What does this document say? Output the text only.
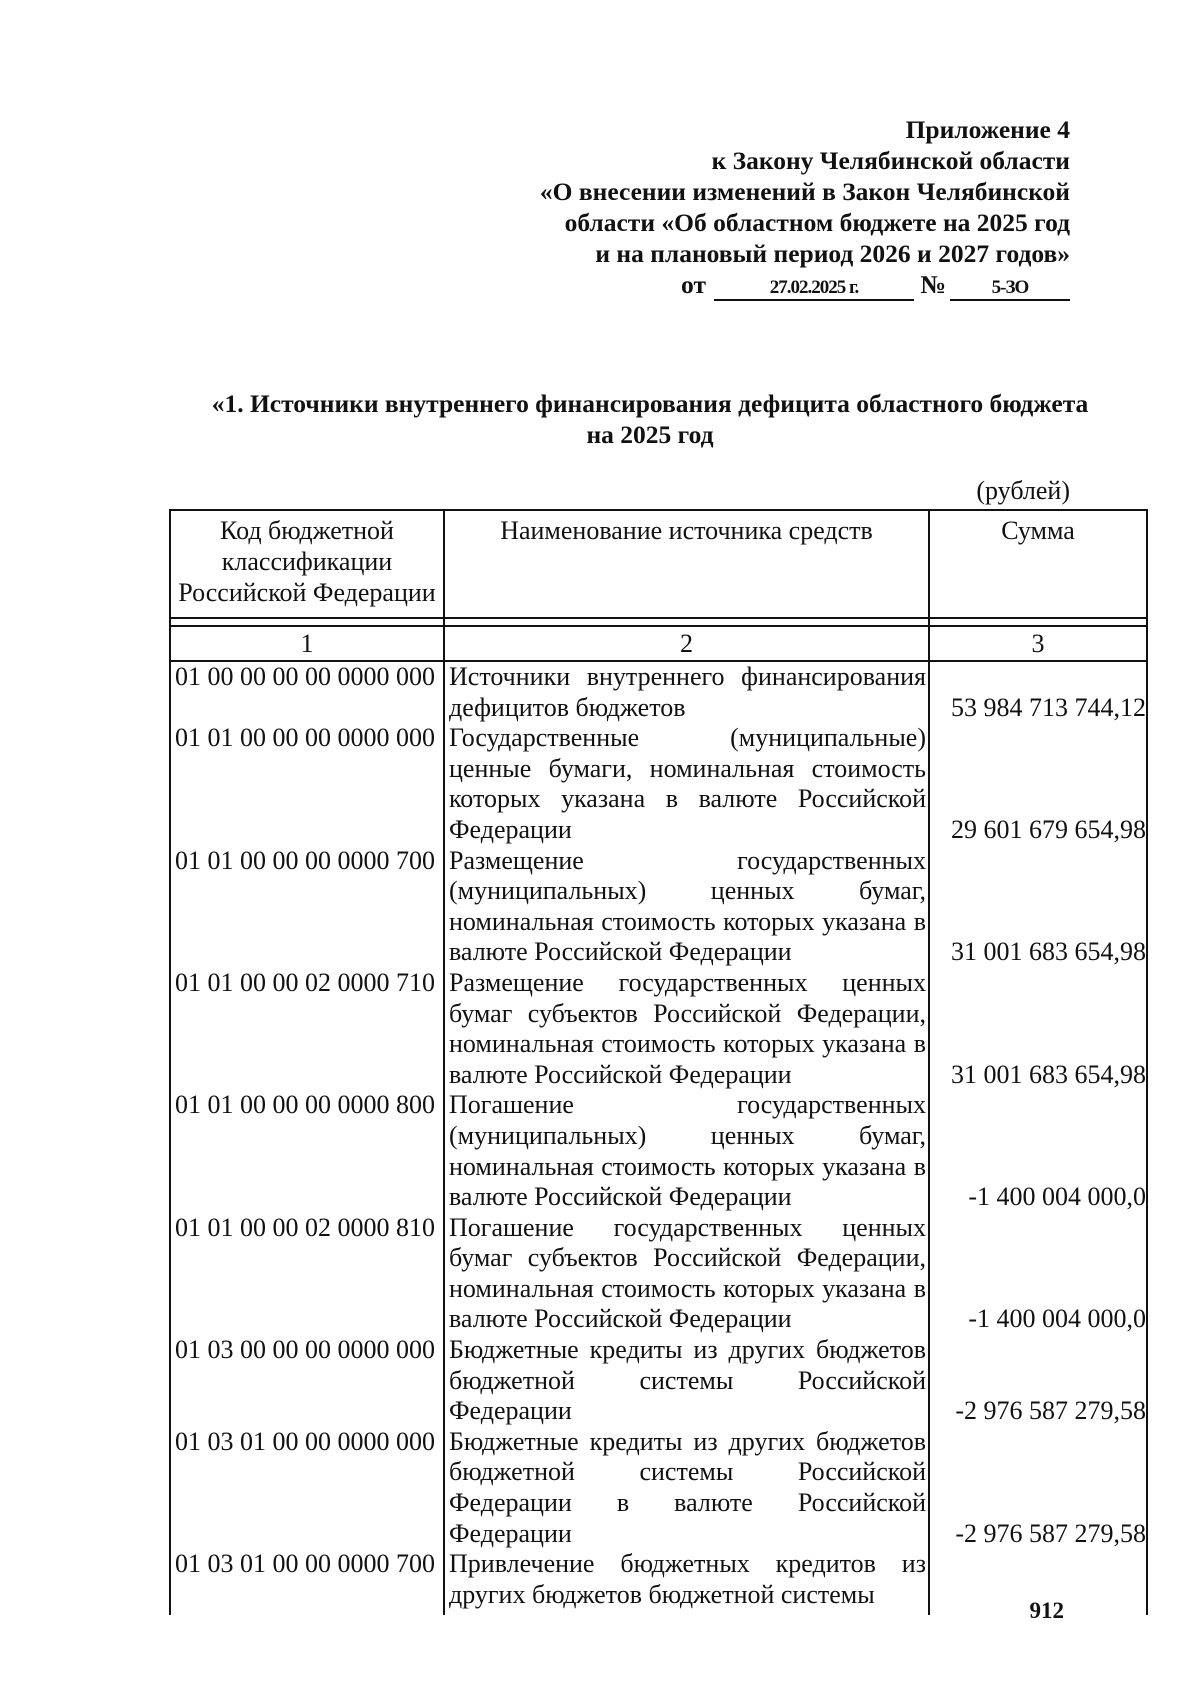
Приложение 4
к Закону Челябинской области
«О внесении изменений в Закон Челябинской
области «Об областном бюджете на 2025 год
и на плановый период 2026 и 2027 годов»
от	27.02.2025 г. № 5-ЗО
«1. Источники внутреннего финансирования дефицита областного бюджета
на 2025 год
(рублей)
Код бюджетной классификации Российской Федерации	Наименование источника средств	Сумма

1	2	3
01 00 00 00 00 0000 000	Источники внутреннего финансирования дефицитов бюджетов	53 984 713 744,12
01 01 00 00 00 0000 000	Государственные (муниципальные) ценные бумаги, номинальная стоимость которых указана в валюте Российской Федерации	29 601 679 654,98
01 01 00 00 00 0000 700	Размещение государственных (муниципальных) ценных бумаг, номинальная стоимость которых указана в валюте Российской Федерации	31 001 683 654,98
01 01 00 00 02 0000 710	Размещение государственных ценных бумаг субъектов Российской Федерации, номинальная стоимость которых указана в валюте Российской Федерации	31 001 683 654,98
01 01 00 00 00 0000 800	Погашение государственных (муниципальных) ценных бумаг, номинальная стоимость которых указана в валюте Российской Федерации	-1 400 004 000,0
01 01 00 00 02 0000 810	Погашение государственных ценных бумаг субъектов Российской Федерации, номинальная стоимость которых указана в валюте Российской Федерации	-1 400 004 000,0
01 03 00 00 00 0000 000	Бюджетные кредиты из других бюджетов бюджетной системы Российской Федерации	-2 976 587 279,58
01 03 01 00 00 0000 000	Бюджетные кредиты из других бюджетов бюджетной системы Российской Федерации в валюте Российской Федерации	-2 976 587 279,58
01 03 01 00 00 0000 700	Привлечение бюджетных кредитов из других бюджетов бюджетной системы	
912
